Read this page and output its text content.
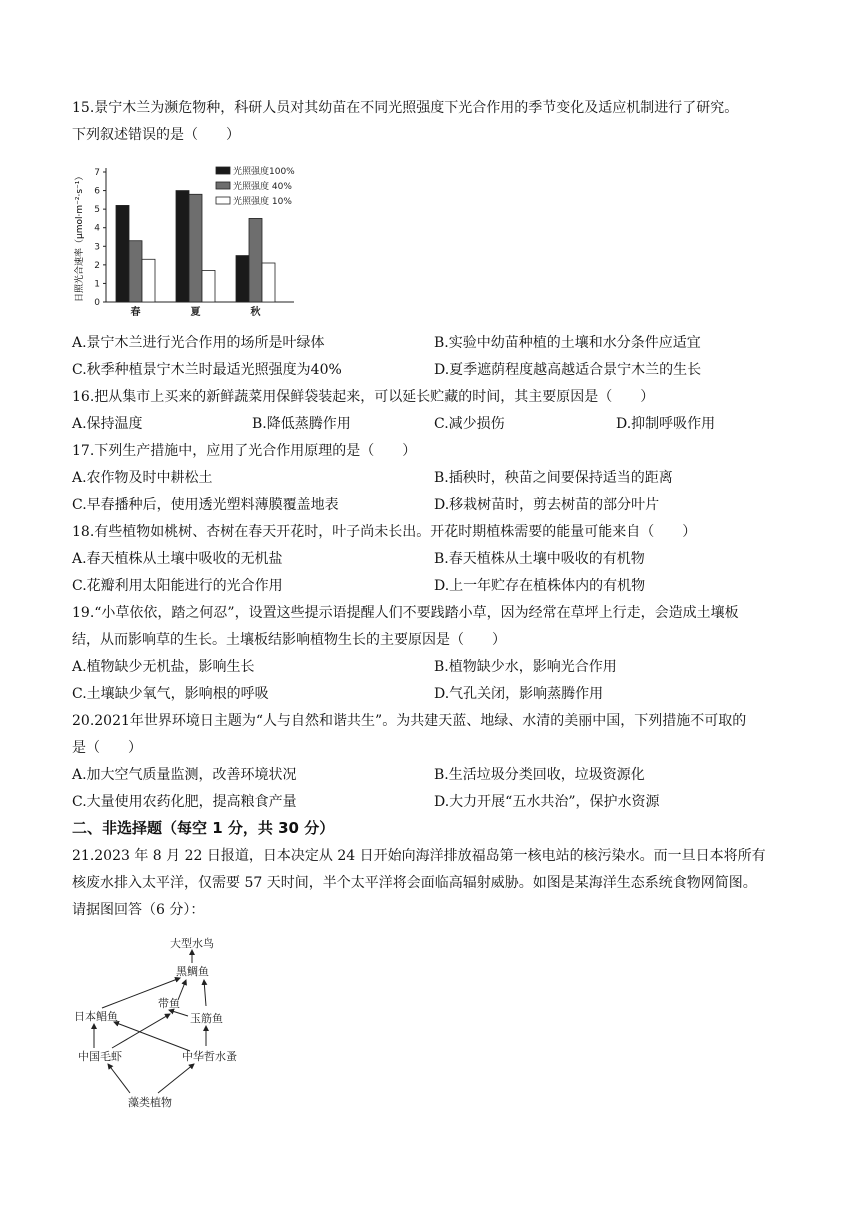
15.景宁木兰为濒危物种，科研人员对其幼苗在不同光照强度下光合作用的季节变化及适应机制进行了研究。
下列叙述错误的是（　　）
日照光合速率（μmol·m⁻²·s⁻¹）
0
1
2
3
4
5
6
7
春	夏	秋
光照强度100%
光照强度 40%
光照强度 10%
A.景宁木兰进行光合作用的场所是叶绿体	B.实验中幼苗种植的土壤和水分条件应适宜
C.秋季种植景宁木兰时最适光照强度为40%	D.夏季遮荫程度越高越适合景宁木兰的生长
16.把从集市上买来的新鲜蔬菜用保鲜袋装起来，可以延长贮藏的时间，其主要原因是（　　）
A.保持温度	B.降低蒸腾作用	C.减少损伤	D.抑制呼吸作用
17.下列生产措施中，应用了光合作用原理的是（　　）
A.农作物及时中耕松土	B.插秧时，秧苗之间要保持适当的距离
C.早春播种后，使用透光塑料薄膜覆盖地表	D.移栽树苗时，剪去树苗的部分叶片
18.有些植物如桃树、杏树在春天开花时，叶子尚未长出。开花时期植株需要的能量可能来自（　　）
A.春天植株从土壤中吸收的无机盐	B.春天植株从土壤中吸收的有机物
C.花瓣利用太阳能进行的光合作用	D.上一年贮存在植株体内的有机物
19.“小草依依，踏之何忍”，设置这些提示语提醒人们不要践踏小草，因为经常在草坪上行走，会造成土壤板
结，从而影响草的生长。土壤板结影响植物生长的主要原因是（　　）
A.植物缺少无机盐，影响生长	B.植物缺少水，影响光合作用
C.土壤缺少氧气，影响根的呼吸	D.气孔关闭，影响蒸腾作用
20.2021年世界环境日主题为“人与自然和谐共生”。为共建天蓝、地绿、水清的美丽中国，下列措施不可取的
是（　　）
A.加大空气质量监测，改善环境状况	B.生活垃圾分类回收，垃圾资源化
C.大量使用农药化肥，提高粮食产量	D.大力开展“五水共治”，保护水资源
二、非选择题（每空 1 分，共 30 分）
21.2023 年 8 月 22 日报道，日本决定从 24 日开始向海洋排放福岛第一核电站的核污染水。而一旦日本将所有
核废水排入太平洋，仅需要 57 天时间，半个太平洋将会面临高辐射威胁。如图是某海洋生态系统食物网简图。
请据图回答（6 分）：
大型水鸟
黑鲷鱼
带鱼
玉筋鱼
日本鲳鱼
中国毛虾	中华哲水蚤
藻类植物
